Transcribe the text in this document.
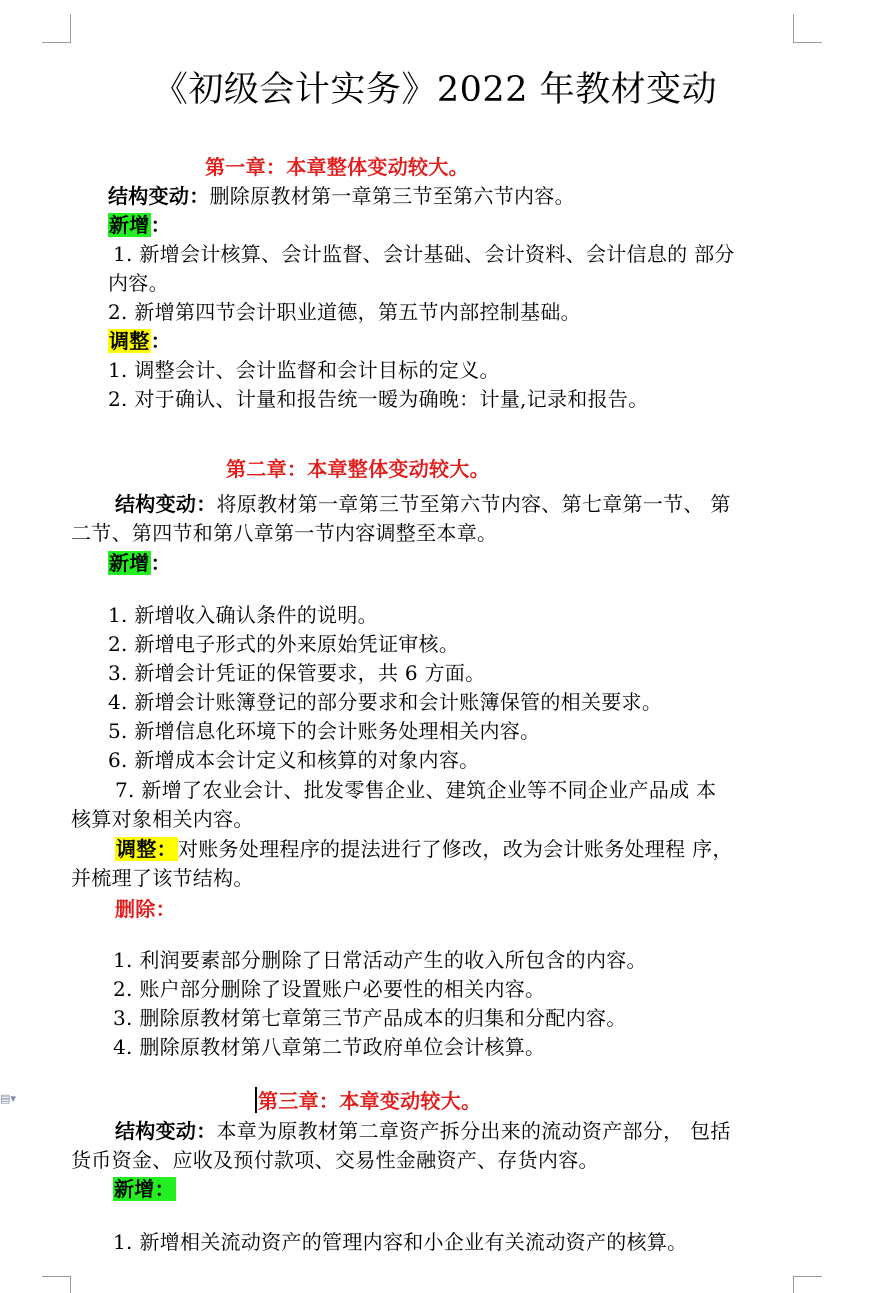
▤▾
《初级会计实务》2022 年教材变动
第一章：本章整体变动较大。
结构变动：删除原教材第一章第三节至第六节内容。
新增：
1. 新增会计核算、会计监督、会计基础、会计资料、会计信息的 部分
内容。
2. 新增第四节会计职业道德，第五节内部控制基础。
调整：
1. 调整会计、会计监督和会计目标的定义。
2. 对于确认、计量和报告统一暧为确晚：计量,记录和报告。
第二章：本章整体变动较大。
结构变动：将原教材第一章第三节至第六节内容、第七章第一节、 第
二节、第四节和第八章第一节内容调整至本章。
新增：
1. 新增收入确认条件的说明。
2. 新增电子形式的外来原始凭证审核。
3. 新增会计凭证的保管要求，共 6 方面。
4. 新增会计账簿登记的部分要求和会计账簿保管的相关要求。
5. 新增信息化环境下的会计账务处理相关内容。
6. 新增成本会计定义和核算的对象内容。
7. 新增了农业会计、批发零售企业、建筑企业等不同企业产品成 本
核算对象相关内容。
调整：对账务处理程序的提法进行了修改，改为会计账务处理程 序，
并梳理了该节结构。
删除：
1. 利润要素部分删除了日常活动产生的收入所包含的内容。
2. 账户部分删除了设置账户必要性的相关内容。
3. 删除原教材第七章第三节产品成本的归集和分配内容。
4. 删除原教材第八章第二节政府单位会计核算。
第三章：本章变动较大。
结构变动：本章为原教材第二章资产拆分出来的流动资产部分， 包括
货币资金、应收及预付款项、交易性金融资产、存货内容。
新增：
1. 新增相关流动资产的管理内容和小企业有关流动资产的核算。
